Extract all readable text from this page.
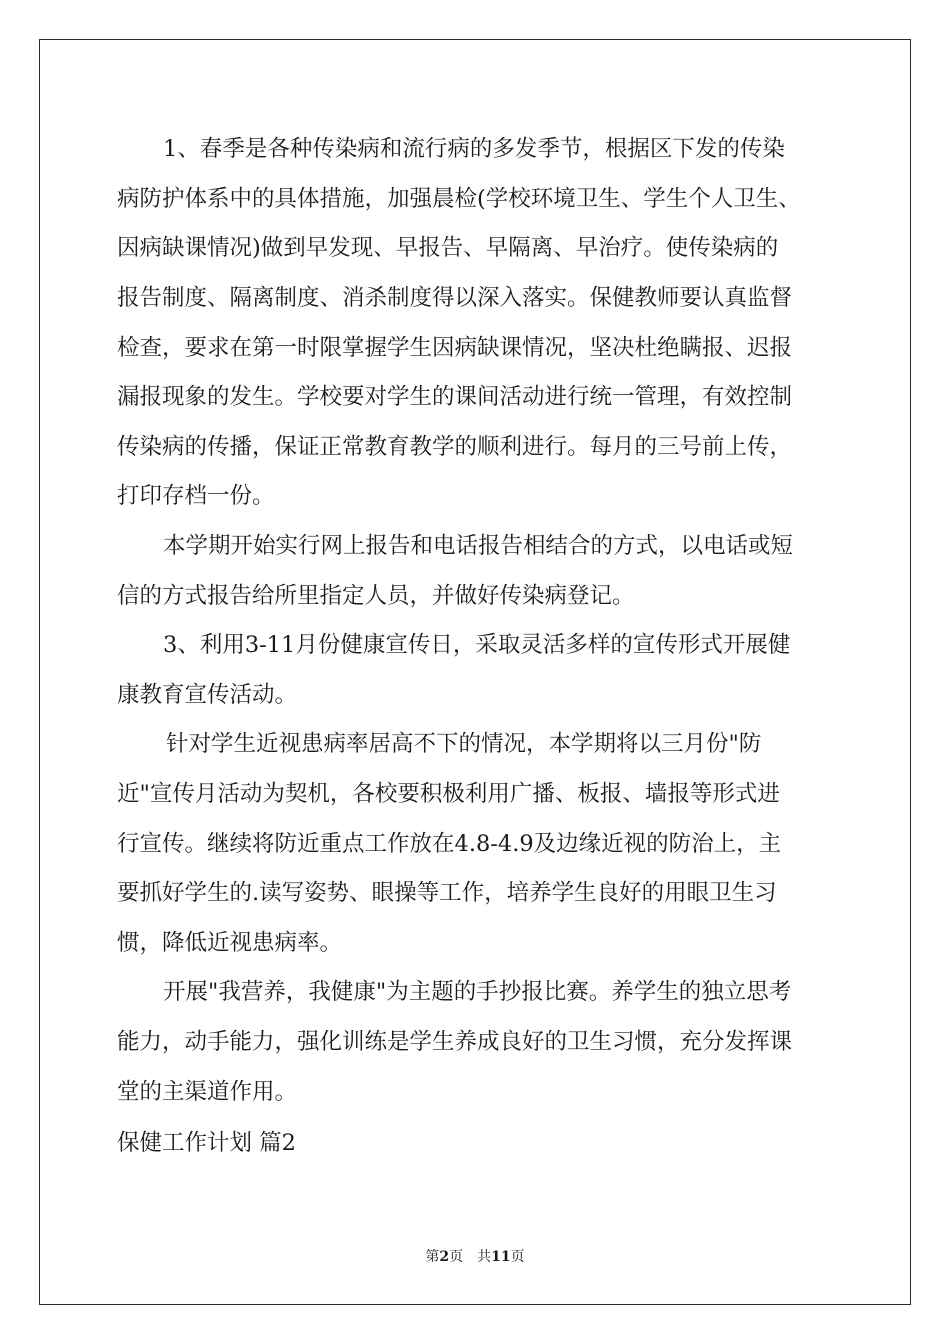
1、春季是各种传染病和流行病的多发季节，根据区下发的传染

病防护体系中的具体措施，加强晨检(学校环境卫生、学生个人卫生、

因病缺课情况)做到早发现、早报告、早隔离、早治疗。使传染病的

报告制度、隔离制度、消杀制度得以深入落实。保健教师要认真监督

检查，要求在第一时限掌握学生因病缺课情况，坚决杜绝瞒报、迟报

漏报现象的发生。学校要对学生的课间活动进行统一管理，有效控制

传染病的传播，保证正常教育教学的顺利进行。每月的三号前上传，

打印存档一份。

本学期开始实行网上报告和电话报告相结合的方式，以电话或短

信的方式报告给所里指定人员，并做好传染病登记。

3、利用3-11月份健康宣传日，采取灵活多样的宣传形式开展健

康教育宣传活动。

针对学生近视患病率居高不下的情况，本学期将以三月份"防

近"宣传月活动为契机，各校要积极利用广播、板报、墙报等形式进

行宣传。继续将防近重点工作放在4.8-4.9及边缘近视的防治上，主

要抓好学生的.读写姿势、眼操等工作，培养学生良好的用眼卫生习

惯，降低近视患病率。

开展"我营养，我健康"为主题的手抄报比赛。养学生的独立思考

能力，动手能力，强化训练是学生养成良好的卫生习惯，充分发挥课

堂的主渠道作用。

保健工作计划 篇2

第2页　共11页
